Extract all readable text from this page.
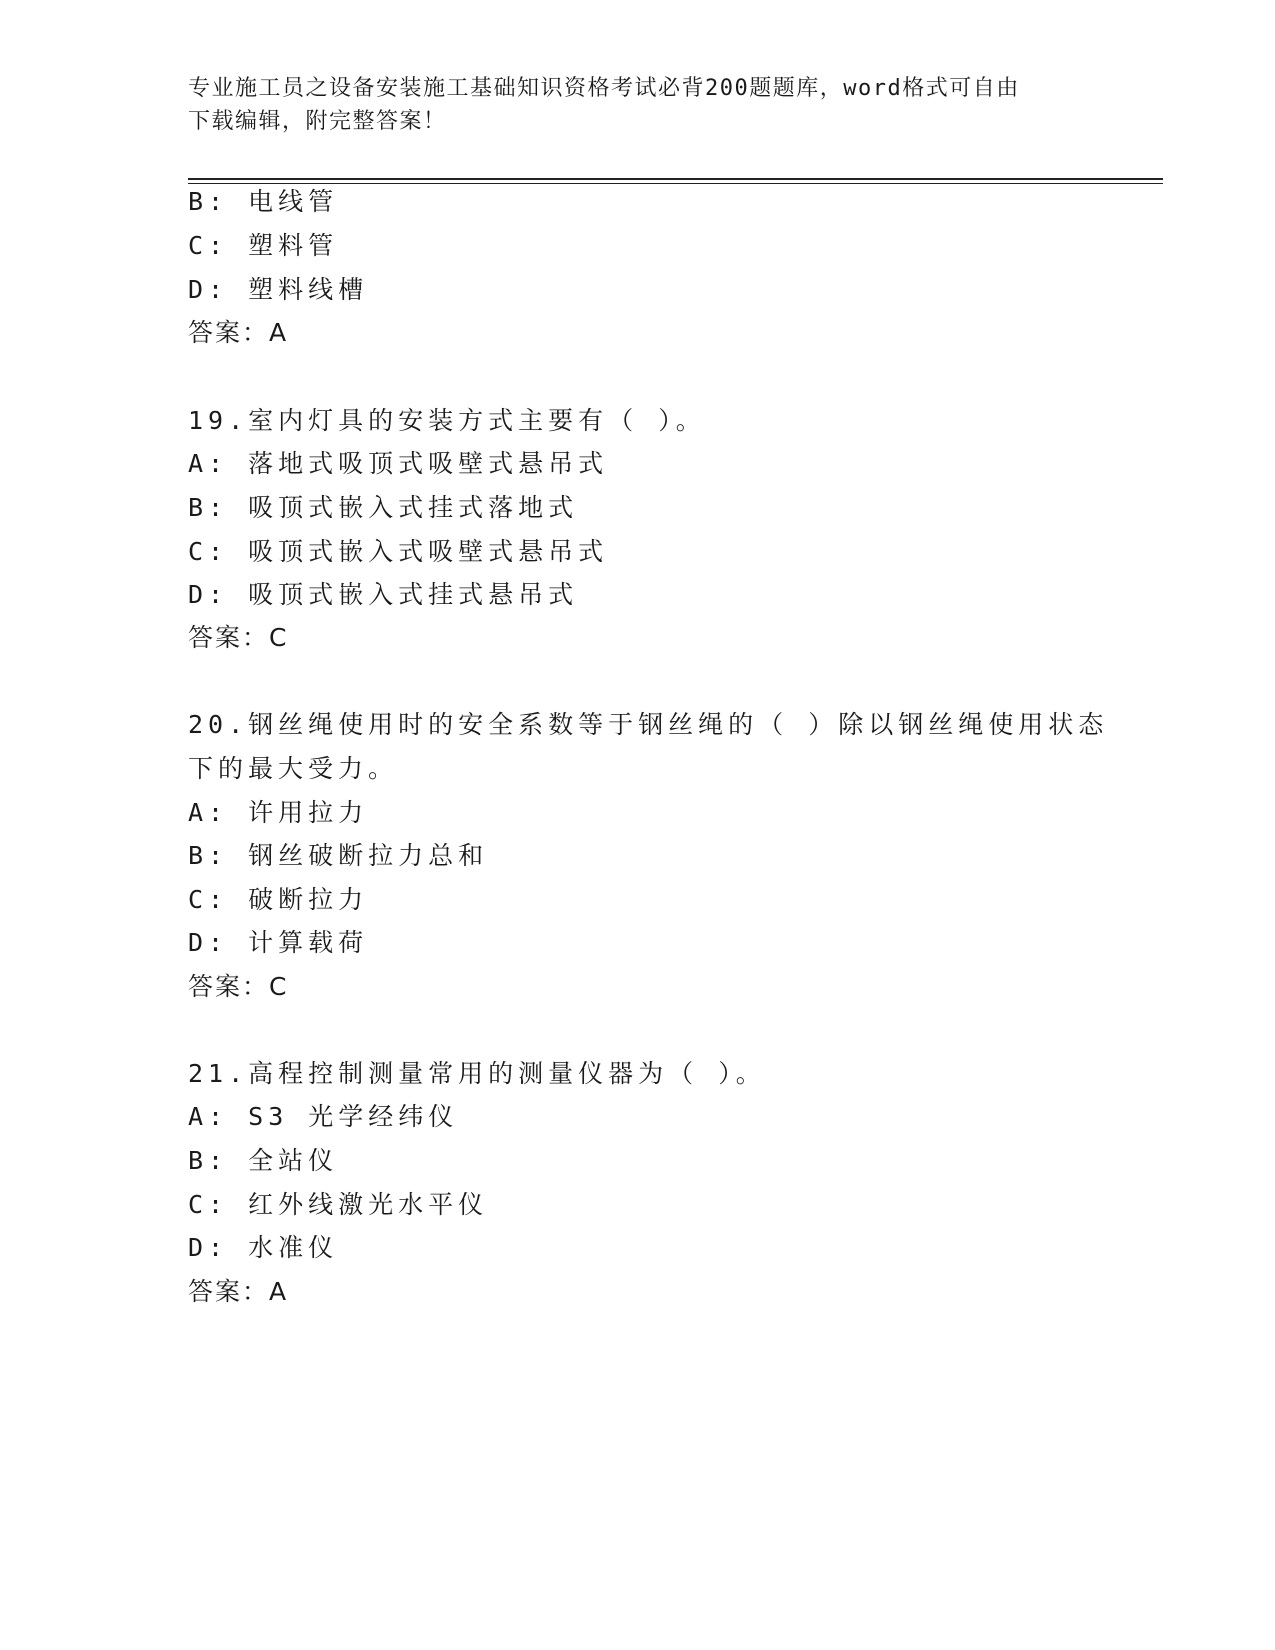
专业施工员之设备安装施工基础知识资格考试必背200题题库，word格式可自由
下载编辑，附完整答案！
B: 电线管
C: 塑料管
D: 塑料线槽
答案：A
19.室内灯具的安装方式主要有（ ）。
A: 落地式吸顶式吸壁式悬吊式
B: 吸顶式嵌入式挂式落地式
C: 吸顶式嵌入式吸壁式悬吊式
D: 吸顶式嵌入式挂式悬吊式
答案：C
20.钢丝绳使用时的安全系数等于钢丝绳的（ ）除以钢丝绳使用状态
下的最大受力。
A: 许用拉力
B: 钢丝破断拉力总和
C: 破断拉力
D: 计算载荷
答案：C
21.高程控制测量常用的测量仪器为（ ）。
A: S3 光学经纬仪
B: 全站仪
C: 红外线激光水平仪
D: 水准仪
答案：A
